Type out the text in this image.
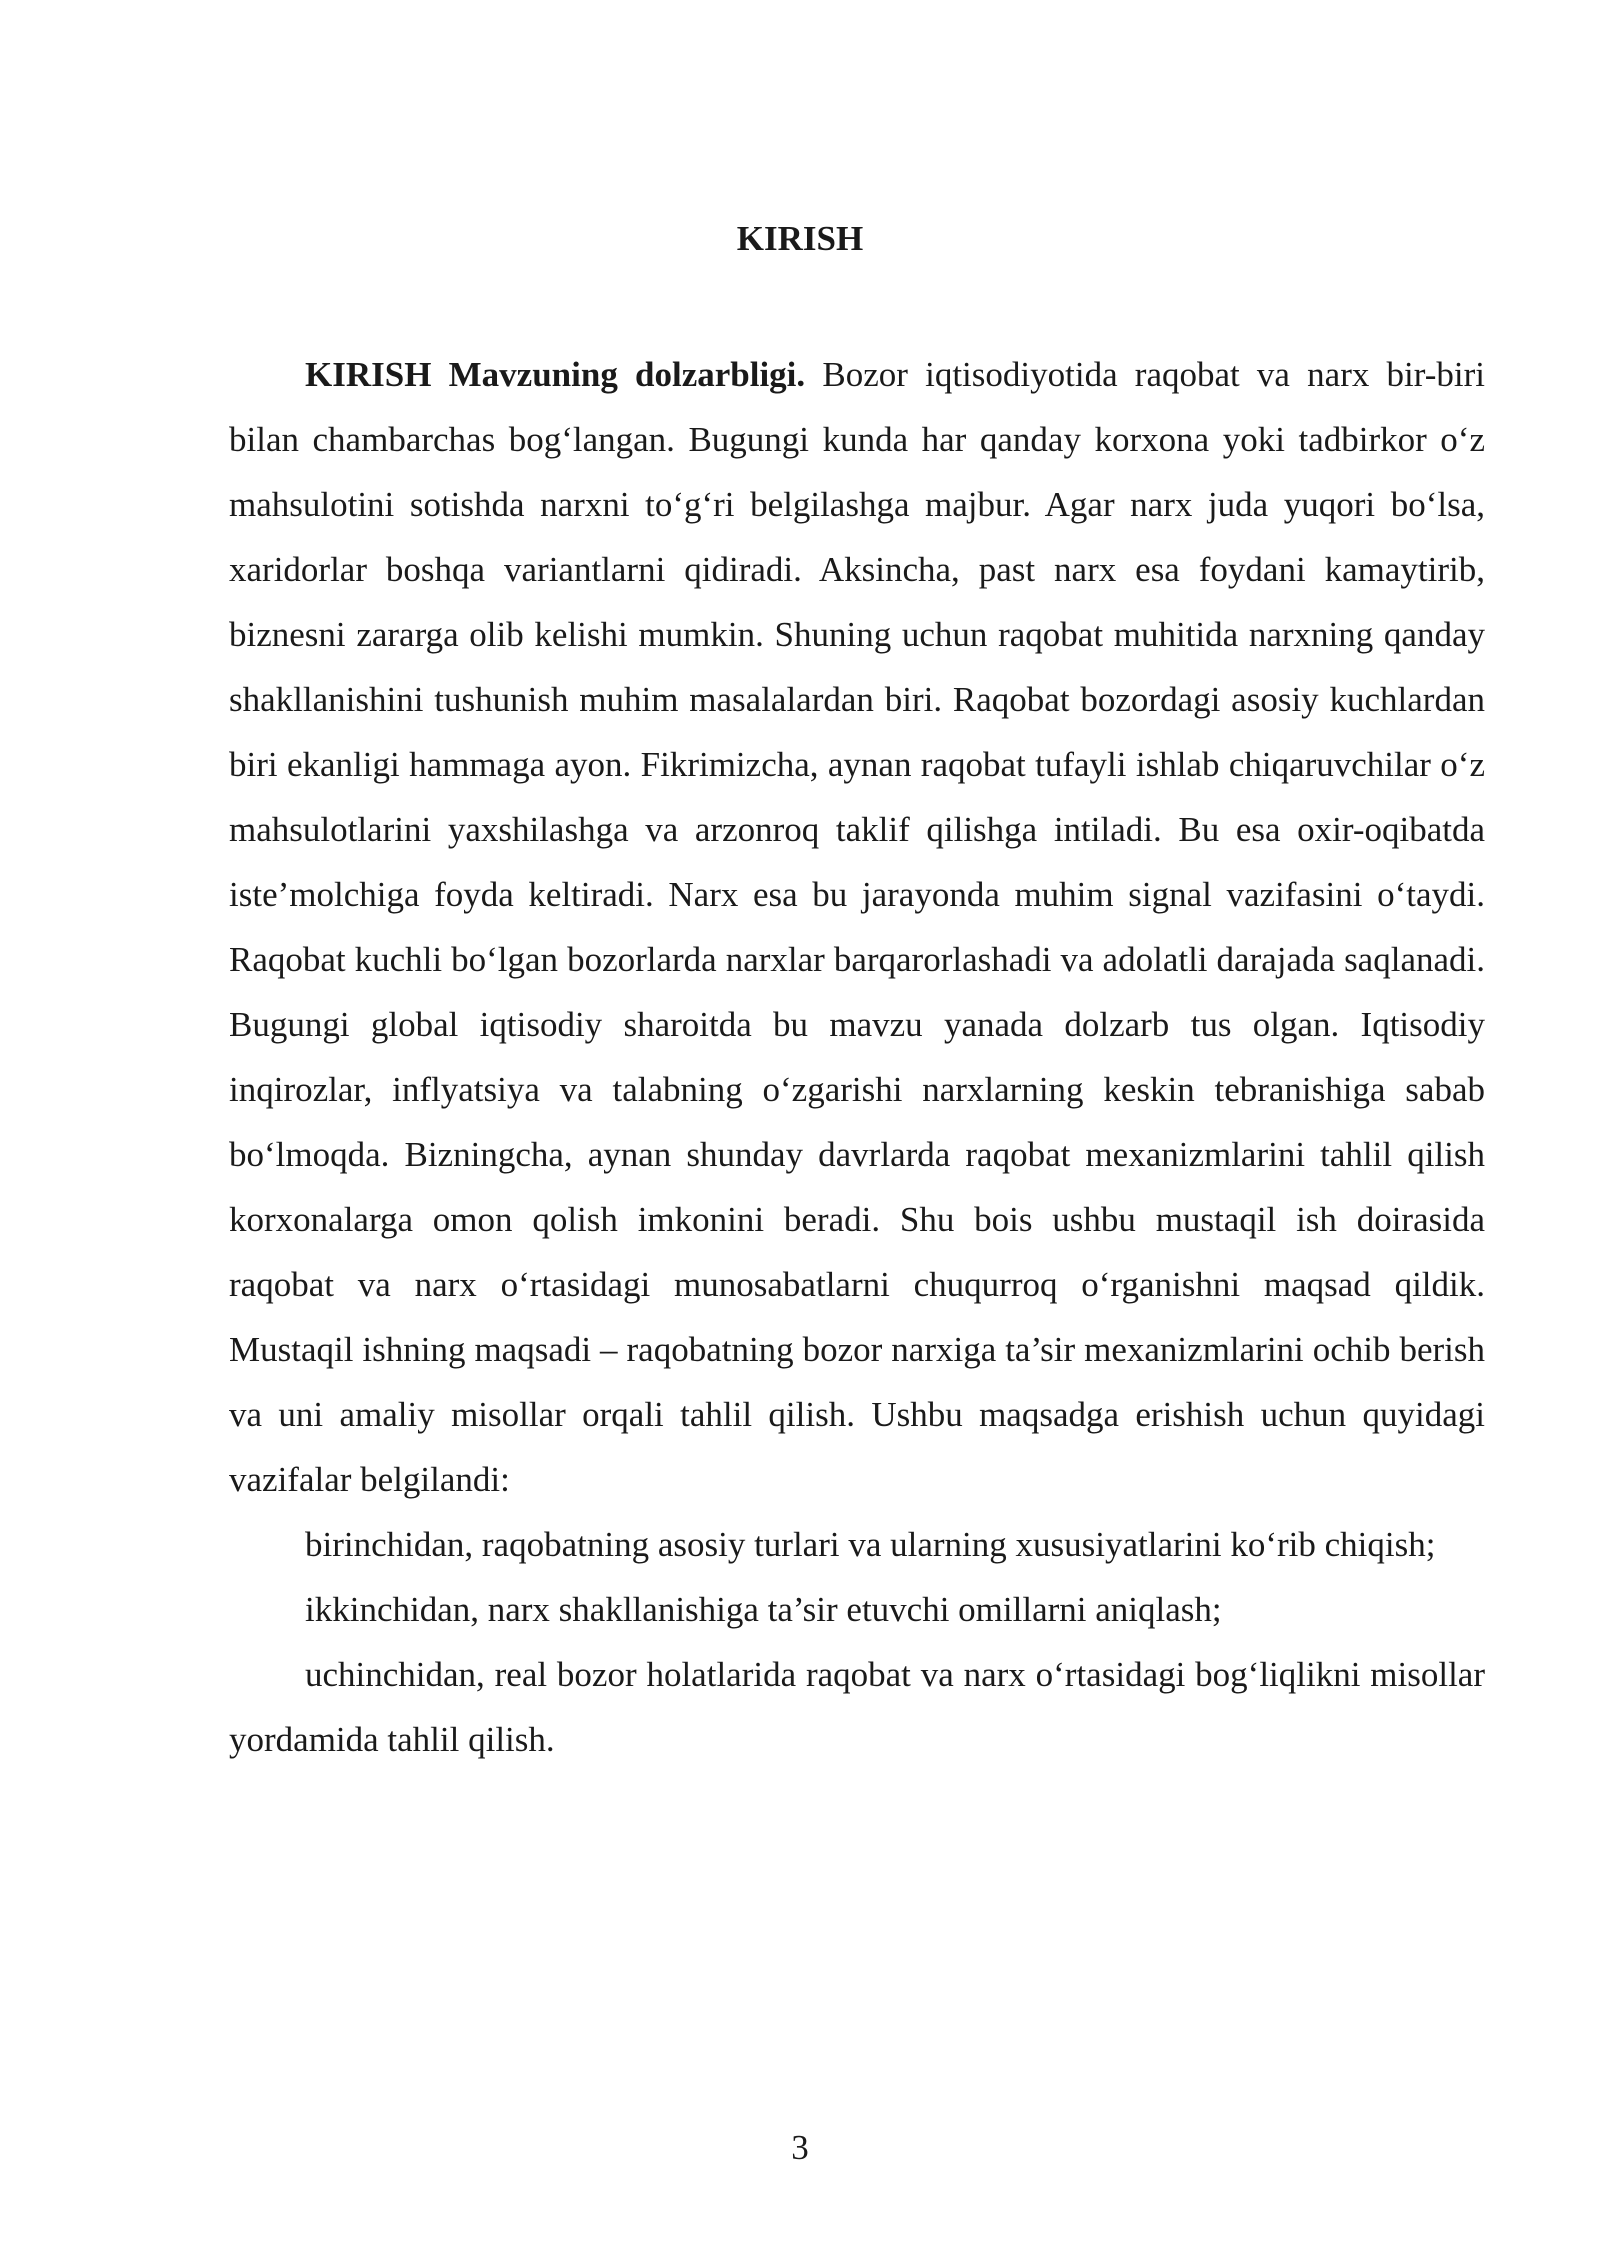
KIRISH

KIRISH Mavzuning dolzarbligi. Bozor iqtisodiyotida raqobat va narx bir-biri bilan chambarchas bog‘langan. Bugungi kunda har qanday korxona yoki tadbirkor o‘z mahsulotini sotishda narxni to‘g‘ri belgilashga majbur. Agar narx juda yuqori bo‘lsa, xaridorlar boshqa variantlarni qidiradi. Aksincha, past narx esa foydani kamaytirib, biznesni zararga olib kelishi mumkin. Shuning uchun raqobat muhitida narxning qanday shakllanishini tushunish muhim masalalardan biri. Raqobat bozordagi asosiy kuchlardan biri ekanligi hammaga ayon. Fikrimizcha, aynan raqobat tufayli ishlab chiqaruvchilar o‘z mahsulotlarini yaxshilashga va arzonroq taklif qilishga intiladi. Bu esa oxir-oqibatda iste’molchiga foyda keltiradi. Narx esa bu jarayonda muhim signal vazifasini o‘taydi. Raqobat kuchli bo‘lgan bozorlarda narxlar barqarorlashadi va adolatli darajada saqlanadi. Bugungi global iqtisodiy sharoitda bu mavzu yanada dolzarb tus olgan. Iqtisodiy inqirozlar, inflyatsiya va talabning o‘zgarishi narxlarning keskin tebranishiga sabab bo‘lmoqda. Bizningcha, aynan shunday davrlarda raqobat mexanizmlarini tahlil qilish korxonalarga omon qolish imkonini beradi. Shu bois ushbu mustaqil ish doirasida raqobat va narx o‘rtasidagi munosabatlarni chuqurroq o‘rganishni maqsad qildik. Mustaqil ishning maqsadi – raqobatning bozor narxiga ta’sir mexanizmlarini ochib berish va uni amaliy misollar orqali tahlil qilish. Ushbu maqsadga erishish uchun quyidagi vazifalar belgilandi:

birinchidan, raqobatning asosiy turlari va ularning xususiyatlarini ko‘rib chiqish;

ikkinchidan, narx shakllanishiga ta’sir etuvchi omillarni aniqlash;

uchinchidan, real bozor holatlarida raqobat va narx o‘rtasidagi bog‘liqlikni misollar yordamida tahlil qilish.

3
